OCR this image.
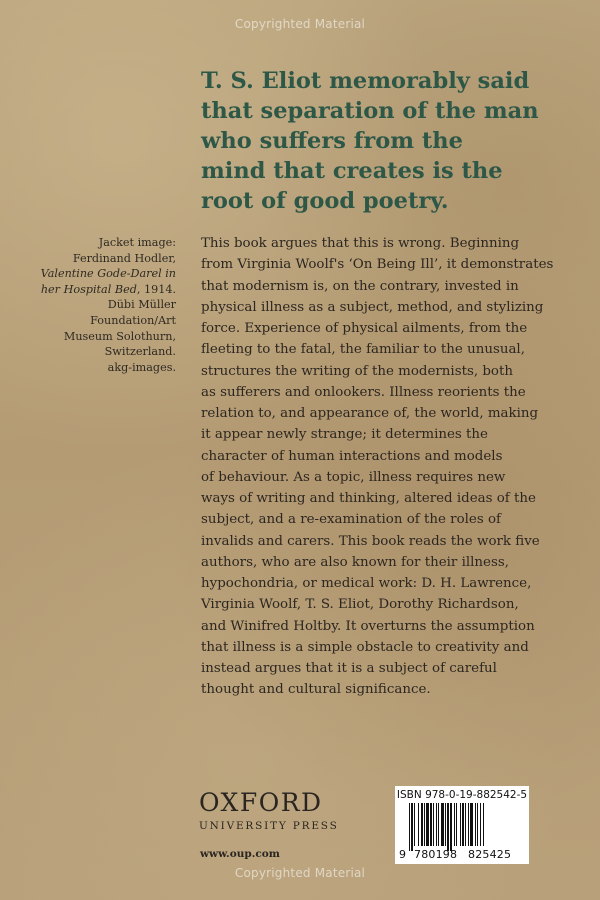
Copyrighted Material
T. S. Eliot memorably said
that separation of the man
who suffers from the
mind that creates is the
root of good poetry.
Jacket image:
Ferdinand Hodler,
Valentine Gode-Darel in
her Hospital Bed, 1914.
Dübi Müller
Foundation/Art
Museum Solothurn,
Switzerland.
akg-images.
This book argues that this is wrong. Beginning
from Virginia Woolf's ‘On Being Ill’, it demonstrates
that modernism is, on the contrary, invested in
physical illness as a subject, method, and stylizing
force. Experience of physical ailments, from the
fleeting to the fatal, the familiar to the unusual,
structures the writing of the modernists, both
as sufferers and onlookers. Illness reorients the
relation to, and appearance of, the world, making
it appear newly strange; it determines the
character of human interactions and models
of behaviour. As a topic, illness requires new
ways of writing and thinking, altered ideas of the
subject, and a re-examination of the roles of
invalids and carers. This book reads the work five
authors, who are also known for their illness,
hypochondria, or medical work: D. H. Lawrence,
Virginia Woolf, T. S. Eliot, Dorothy Richardson,
and Winifred Holtby. It overturns the assumption
that illness is a simple obstacle to creativity and
instead argues that it is a subject of careful
thought and cultural significance.
OXFORD
UNIVERSITY PRESS
www.oup.com
ISBN 978-0-19-882542-5
9 780198 825425
Copyrighted Material
